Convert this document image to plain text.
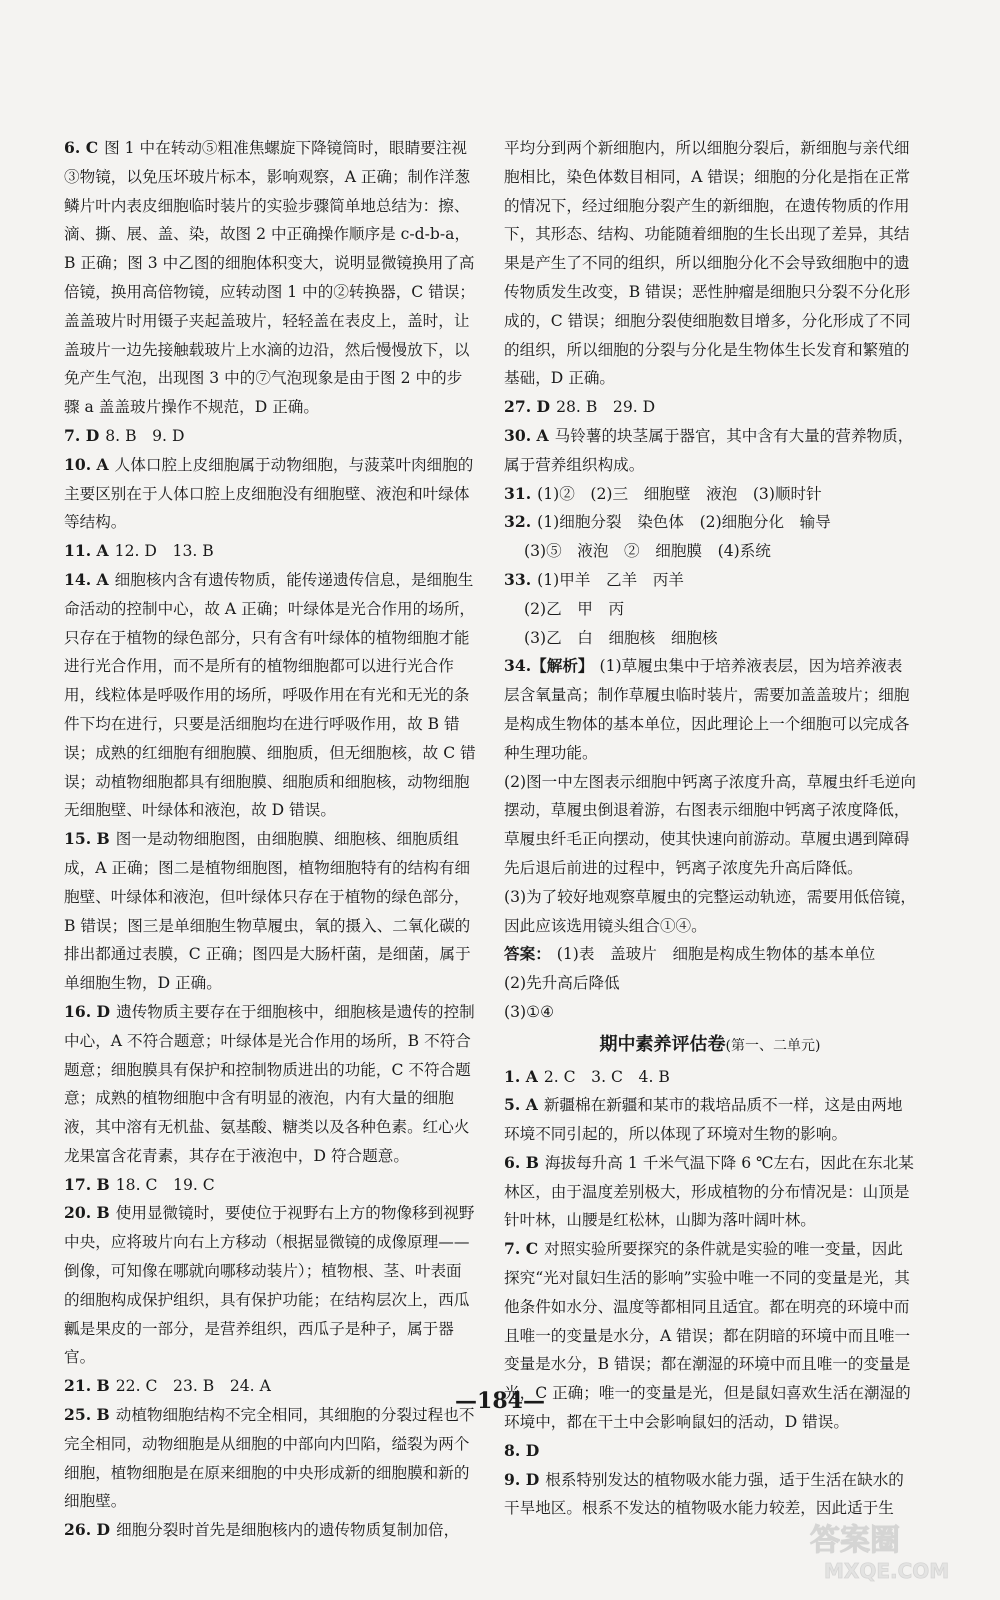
6. C 图 1 中在转动⑤粗准焦螺旋下降镜筒时，眼睛要注视③物镜，以免压坏玻片标本，影响观察，A 正确；制作洋葱鳞片叶内表皮细胞临时装片的实验步骤简单地总结为：擦、滴、撕、展、盖、染，故图 2 中正确操作顺序是 c-d-b-a，B 正确；图 3 中乙图的细胞体积变大，说明显微镜换用了高倍镜，换用高倍物镜，应转动图 1 中的②转换器，C 错误；盖盖玻片时用镊子夹起盖玻片，轻轻盖在表皮上，盖时，让盖玻片一边先接触载玻片上水滴的边沿，然后慢慢放下，以免产生气泡，出现图 3 中的⑦气泡现象是由于图 2 中的步骤 a 盖盖玻片操作不规范，D 正确。
7. D 8. B　9. D
10. A 人体口腔上皮细胞属于动物细胞，与菠菜叶肉细胞的主要区别在于人体口腔上皮细胞没有细胞壁、液泡和叶绿体等结构。
11. A 12. D　13. B
14. A 细胞核内含有遗传物质，能传递遗传信息，是细胞生命活动的控制中心，故 A 正确；叶绿体是光合作用的场所，只存在于植物的绿色部分，只有含有叶绿体的植物细胞才能进行光合作用，而不是所有的植物细胞都可以进行光合作用，线粒体是呼吸作用的场所，呼吸作用在有光和无光的条件下均在进行，只要是活细胞均在进行呼吸作用，故 B 错误；成熟的红细胞有细胞膜、细胞质，但无细胞核，故 C 错误；动植物细胞都具有细胞膜、细胞质和细胞核，动物细胞无细胞壁、叶绿体和液泡，故 D 错误。
15. B 图一是动物细胞图，由细胞膜、细胞核、细胞质组成，A 正确；图二是植物细胞图，植物细胞特有的结构有细胞壁、叶绿体和液泡，但叶绿体只存在于植物的绿色部分，B 错误；图三是单细胞生物草履虫，氧的摄入、二氧化碳的排出都通过表膜，C 正确；图四是大肠杆菌，是细菌，属于单细胞生物，D 正确。
16. D 遗传物质主要存在于细胞核中，细胞核是遗传的控制中心，A 不符合题意；叶绿体是光合作用的场所，B 不符合题意；细胞膜具有保护和控制物质进出的功能，C 不符合题意；成熟的植物细胞中含有明显的液泡，内有大量的细胞液，其中溶有无机盐、氨基酸、糖类以及各种色素。红心火龙果富含花青素，其存在于液泡中，D 符合题意。
17. B 18. C　19. C
20. B 使用显微镜时，要使位于视野右上方的物像移到视野中央，应将玻片向右上方移动（根据显微镜的成像原理——倒像，可知像在哪就向哪移动装片）；植物根、茎、叶表面的细胞构成保护组织，具有保护功能；在结构层次上，西瓜瓤是果皮的一部分，是营养组织，西瓜子是种子，属于器官。
21. B 22. C　23. B　24. A
25. B 动植物细胞结构不完全相同，其细胞的分裂过程也不完全相同，动物细胞是从细胞的中部向内凹陷，缢裂为两个细胞，植物细胞是在原来细胞的中央形成新的细胞膜和新的细胞壁。
26. D 细胞分裂时首先是细胞核内的遗传物质复制加倍，
平均分到两个新细胞内，所以细胞分裂后，新细胞与亲代细胞相比，染色体数目相同，A 错误；细胞的分化是指在正常的情况下，经过细胞分裂产生的新细胞，在遗传物质的作用下，其形态、结构、功能随着细胞的生长出现了差异，其结果是产生了不同的组织，所以细胞分化不会导致细胞中的遗传物质发生改变，B 错误；恶性肿瘤是细胞只分裂不分化形成的，C 错误；细胞分裂使细胞数目增多，分化形成了不同的组织，所以细胞的分裂与分化是生物体生长发育和繁殖的基础，D 正确。
27. D 28. B　29. D
30. A 马铃薯的块茎属于器官，其中含有大量的营养物质，属于营养组织构成。
31. (1)②　(2)三　细胞壁　液泡　(3)顺时针
32. (1)细胞分裂　染色体　(2)细胞分化　输导
(3)⑤　液泡　②　细胞膜　(4)系统
33. (1)甲羊　乙羊　丙羊
(2)乙　甲　丙
(3)乙　白　细胞核　细胞核
34.【解析】 (1)草履虫集中于培养液表层，因为培养液表层含氧量高；制作草履虫临时装片，需要加盖盖玻片；细胞是构成生物体的基本单位，因此理论上一个细胞可以完成各种生理功能。
(2)图一中左图表示细胞中钙离子浓度升高，草履虫纤毛逆向摆动，草履虫倒退着游，右图表示细胞中钙离子浓度降低，草履虫纤毛正向摆动，使其快速向前游动。草履虫遇到障碍先后退后前进的过程中，钙离子浓度先升高后降低。
(3)为了较好地观察草履虫的完整运动轨迹，需要用低倍镜，因此应该选用镜头组合①④。
答案： (1)表　盖玻片　细胞是构成生物体的基本单位
(2)先升高后降低
(3)①④
期中素养评估卷(第一、二单元)
1. A 2. C　3. C　4. B
5. A 新疆棉在新疆和某市的栽培品质不一样，这是由两地环境不同引起的，所以体现了环境对生物的影响。
6. B 海拔每升高 1 千米气温下降 6 ℃左右，因此在东北某林区，由于温度差别极大，形成植物的分布情况是：山顶是针叶林，山腰是红松林，山脚为落叶阔叶林。
7. C 对照实验所要探究的条件就是实验的唯一变量，因此探究“光对鼠妇生活的影响”实验中唯一不同的变量是光，其他条件如水分、温度等都相同且适宜。都在明亮的环境中而且唯一的变量是水分，A 错误；都在阴暗的环境中而且唯一变量是水分，B 错误；都在潮湿的环境中而且唯一的变量是光，C 正确；唯一的变量是光，但是鼠妇喜欢生活在潮湿的环境中，都在干土中会影响鼠妇的活动，D 错误。
8. D
9. D 根系特别发达的植物吸水能力强，适于生活在缺水的干旱地区。根系不发达的植物吸水能力较差，因此适于生
—184—
答案圈
MXQE.COM
